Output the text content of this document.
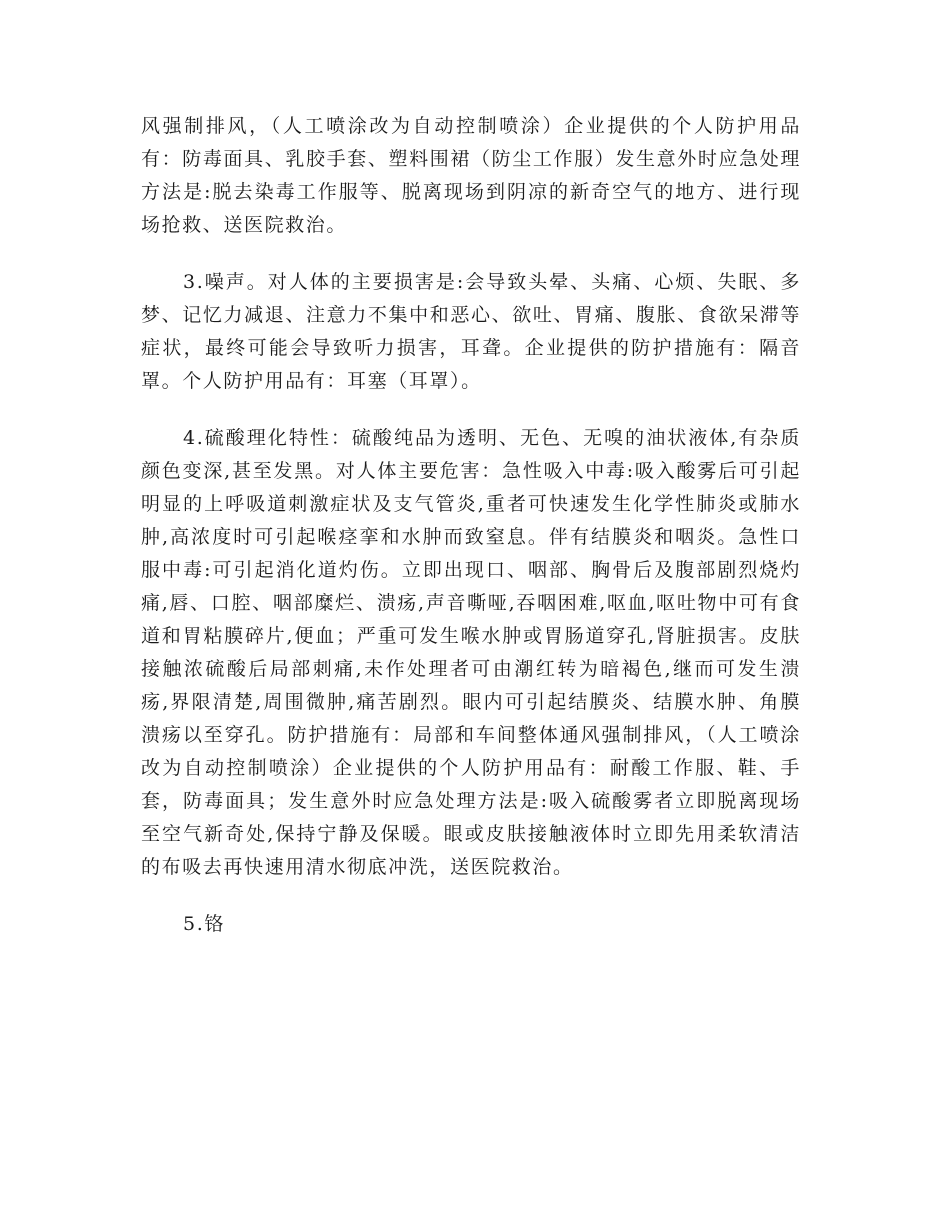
风强制排风，（人工喷涂改为自动控制喷涂）企业提供的个人防护用品有：防毒面具、乳胶手套、塑料围裙（防尘工作服）发生意外时应急处理方法是:脱去染毒工作服等、脱离现场到阴凉的新奇空气的地方、进行现场抢救、送医院救治。

3.噪声。对人体的主要损害是:会导致头晕、头痛、心烦、失眠、多梦、记忆力减退、注意力不集中和恶心、欲吐、胃痛、腹胀、食欲呆滞等症状，最终可能会导致听力损害，耳聋。企业提供的防护措施有：隔音罩。个人防护用品有：耳塞（耳罩）。

4.硫酸理化特性：硫酸纯品为透明、无色、无嗅的油状液体,有杂质颜色变深,甚至发黑。对人体主要危害：急性吸入中毒:吸入酸雾后可引起明显的上呼吸道刺激症状及支气管炎,重者可快速发生化学性肺炎或肺水肿,高浓度时可引起喉痉挛和水肿而致窒息。伴有结膜炎和咽炎。急性口服中毒:可引起消化道灼伤。立即出现口、咽部、胸骨后及腹部剧烈烧灼痛,唇、口腔、咽部糜烂、溃疡,声音嘶哑,吞咽困难,呕血,呕吐物中可有食道和胃粘膜碎片,便血；严重可发生喉水肿或胃肠道穿孔,肾脏损害。皮肤接触浓硫酸后局部刺痛,未作处理者可由潮红转为暗褐色,继而可发生溃疡,界限清楚,周围微肿,痛苦剧烈。眼内可引起结膜炎、结膜水肿、角膜溃疡以至穿孔。防护措施有：局部和车间整体通风强制排风，（人工喷涂改为自动控制喷涂）企业提供的个人防护用品有：耐酸工作服、鞋、手套，防毒面具；发生意外时应急处理方法是:吸入硫酸雾者立即脱离现场至空气新奇处,保持宁静及保暖。眼或皮肤接触液体时立即先用柔软清洁的布吸去再快速用清水彻底冲洗，送医院救治。

5.铬
